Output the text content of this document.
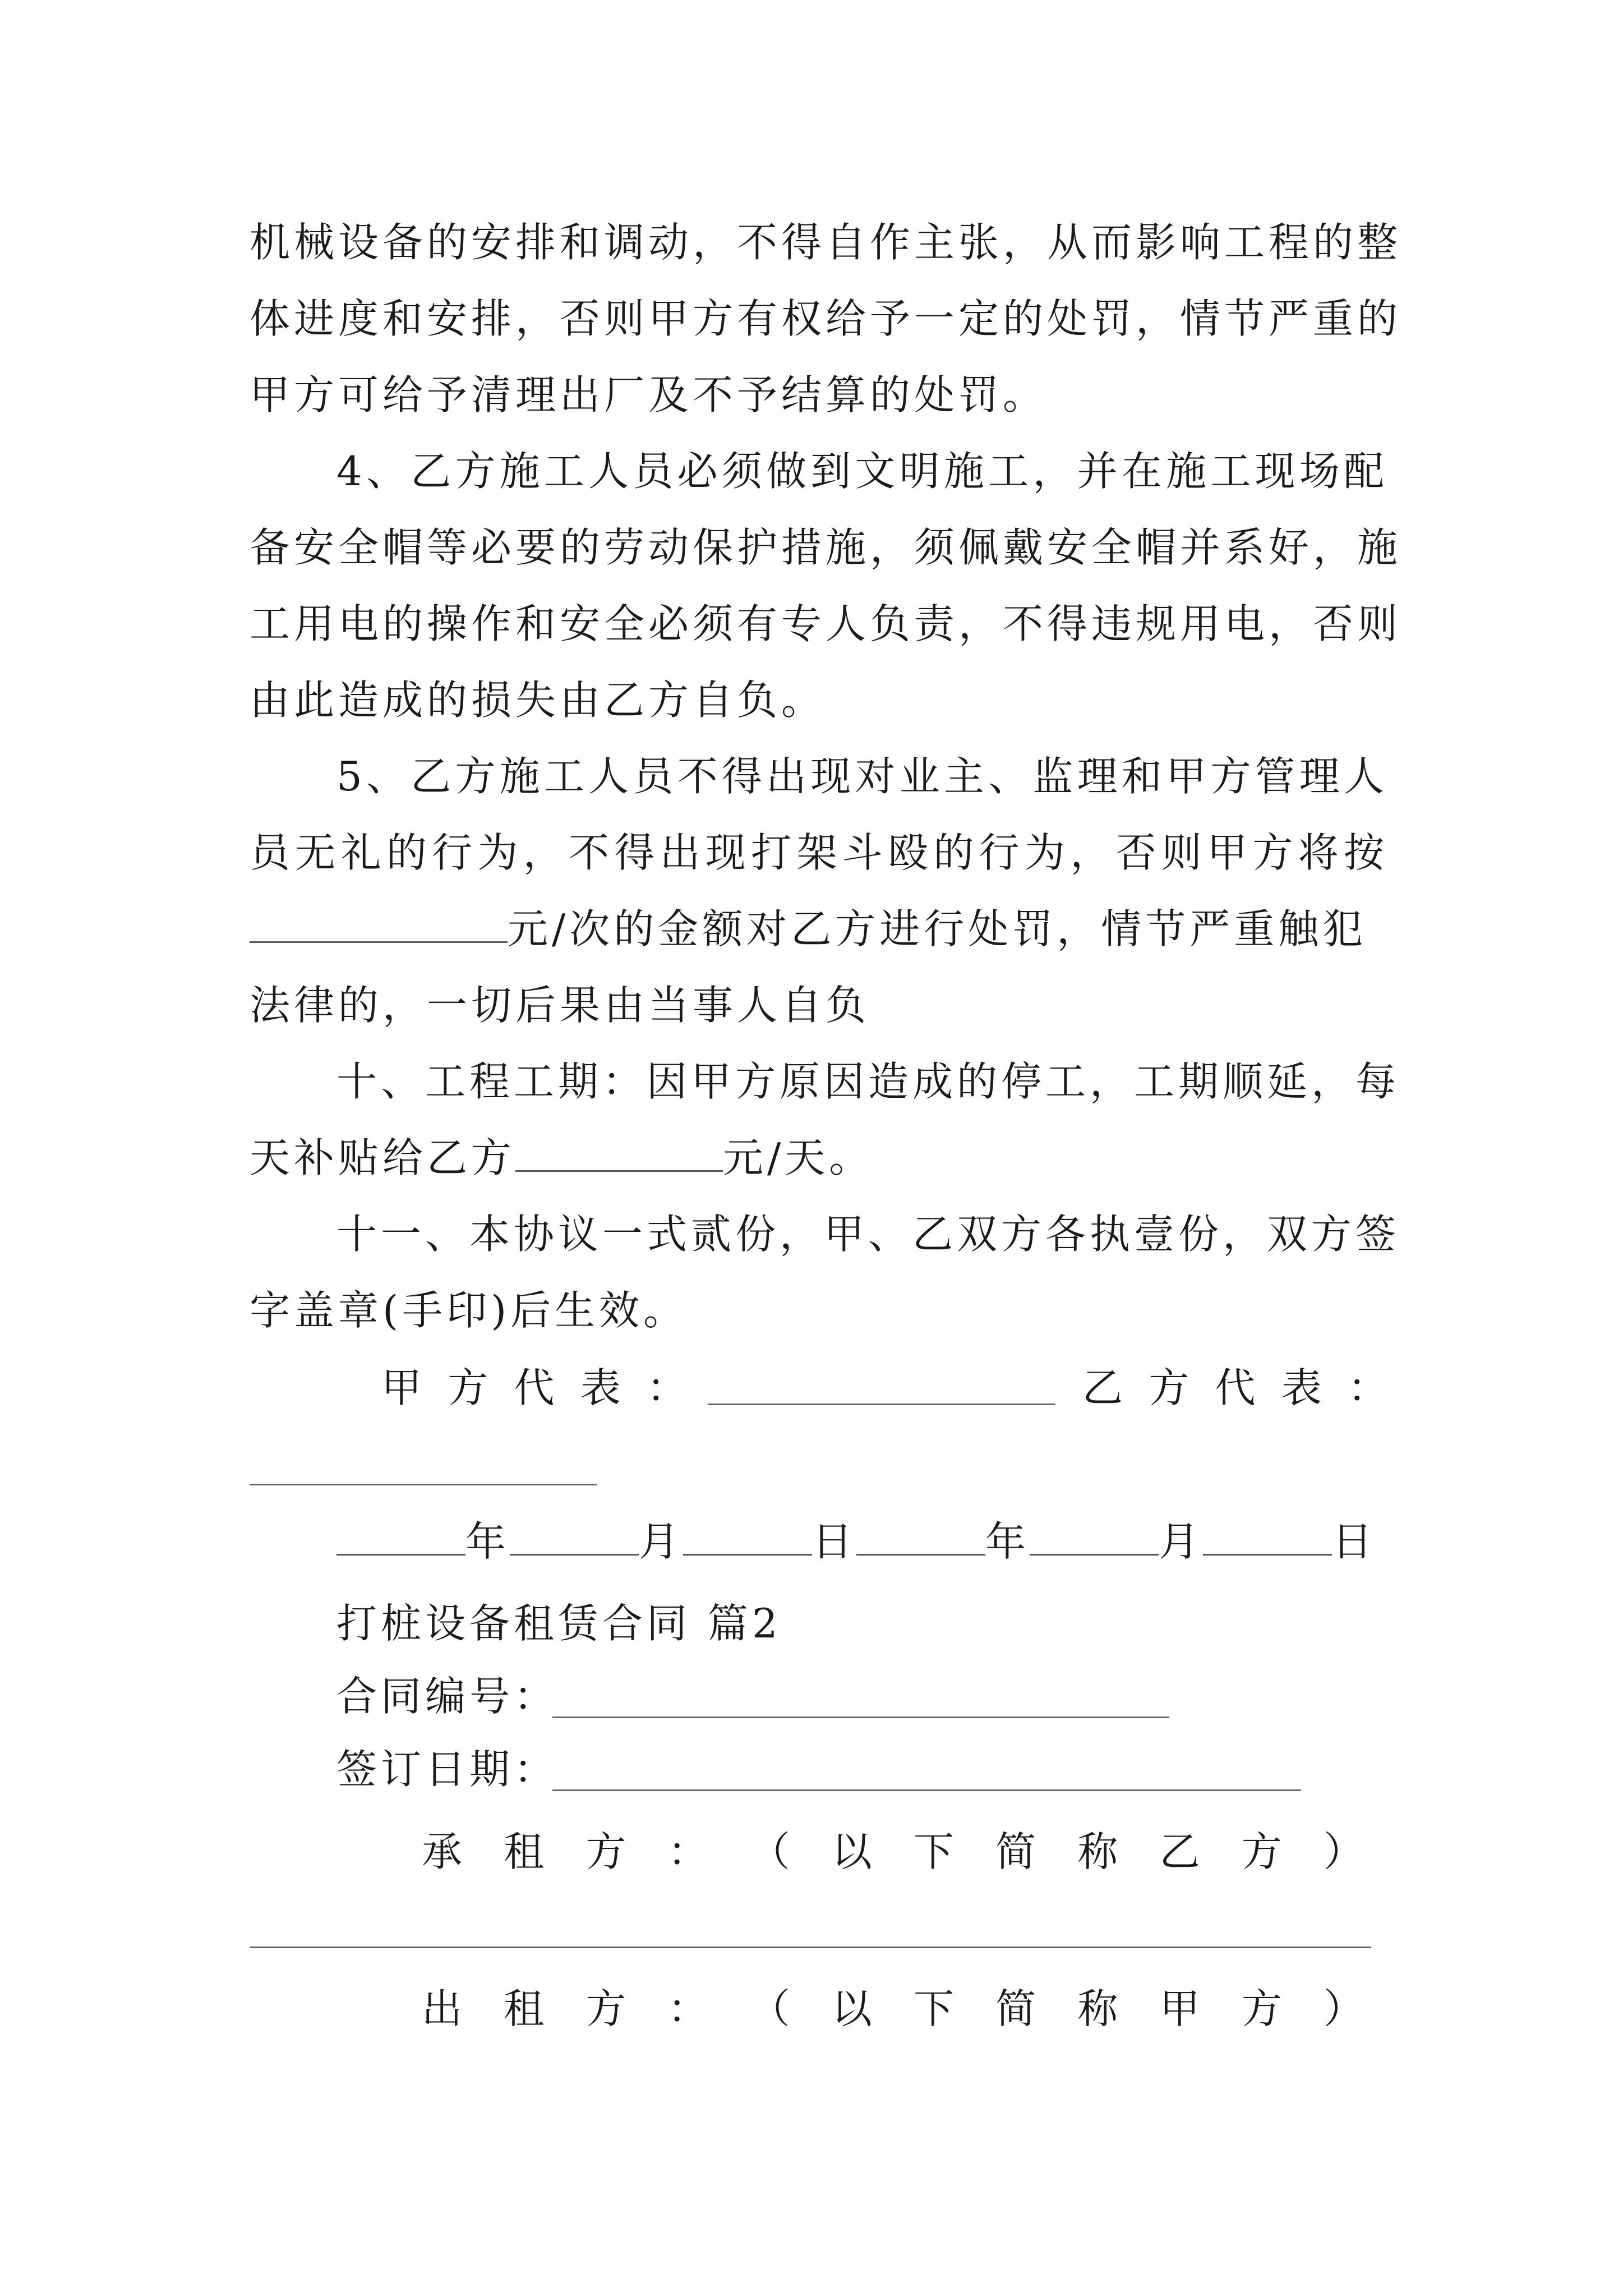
机械设备的安排和调动，不得自作主张，从而影响工程的整
体进度和安排，否则甲方有权给予一定的处罚，情节严重的
甲方可给予清理出厂及不予结算的处罚。
4、乙方施工人员必须做到文明施工，并在施工现场配
备安全帽等必要的劳动保护措施，须佩戴安全帽并系好，施
工用电的操作和安全必须有专人负责，不得违规用电，否则
由此造成的损失由乙方自负。
5、乙方施工人员不得出现对业主、监理和甲方管理人
员无礼的行为，不得出现打架斗殴的行为，否则甲方将按
元/次的金额对乙方进行处罚，情节严重触犯
法律的，一切后果由当事人自负
十、工程工期：因甲方原因造成的停工，工期顺延，每
天补贴给乙方	元/天。
十一、本协议一式贰份，甲、乙双方各执壹份，双方签
字盖章(手印)后生效。
甲 方 代 表 ：	乙 方 代 表 ：
年	月	日	年	月	日
打桩设备租赁合同 篇2
合同编号：
签订日期：
承 租 方 ： （ 以 下 简 称 乙 方 ）
出 租 方 ： （ 以 下 简 称 甲 方 ）
